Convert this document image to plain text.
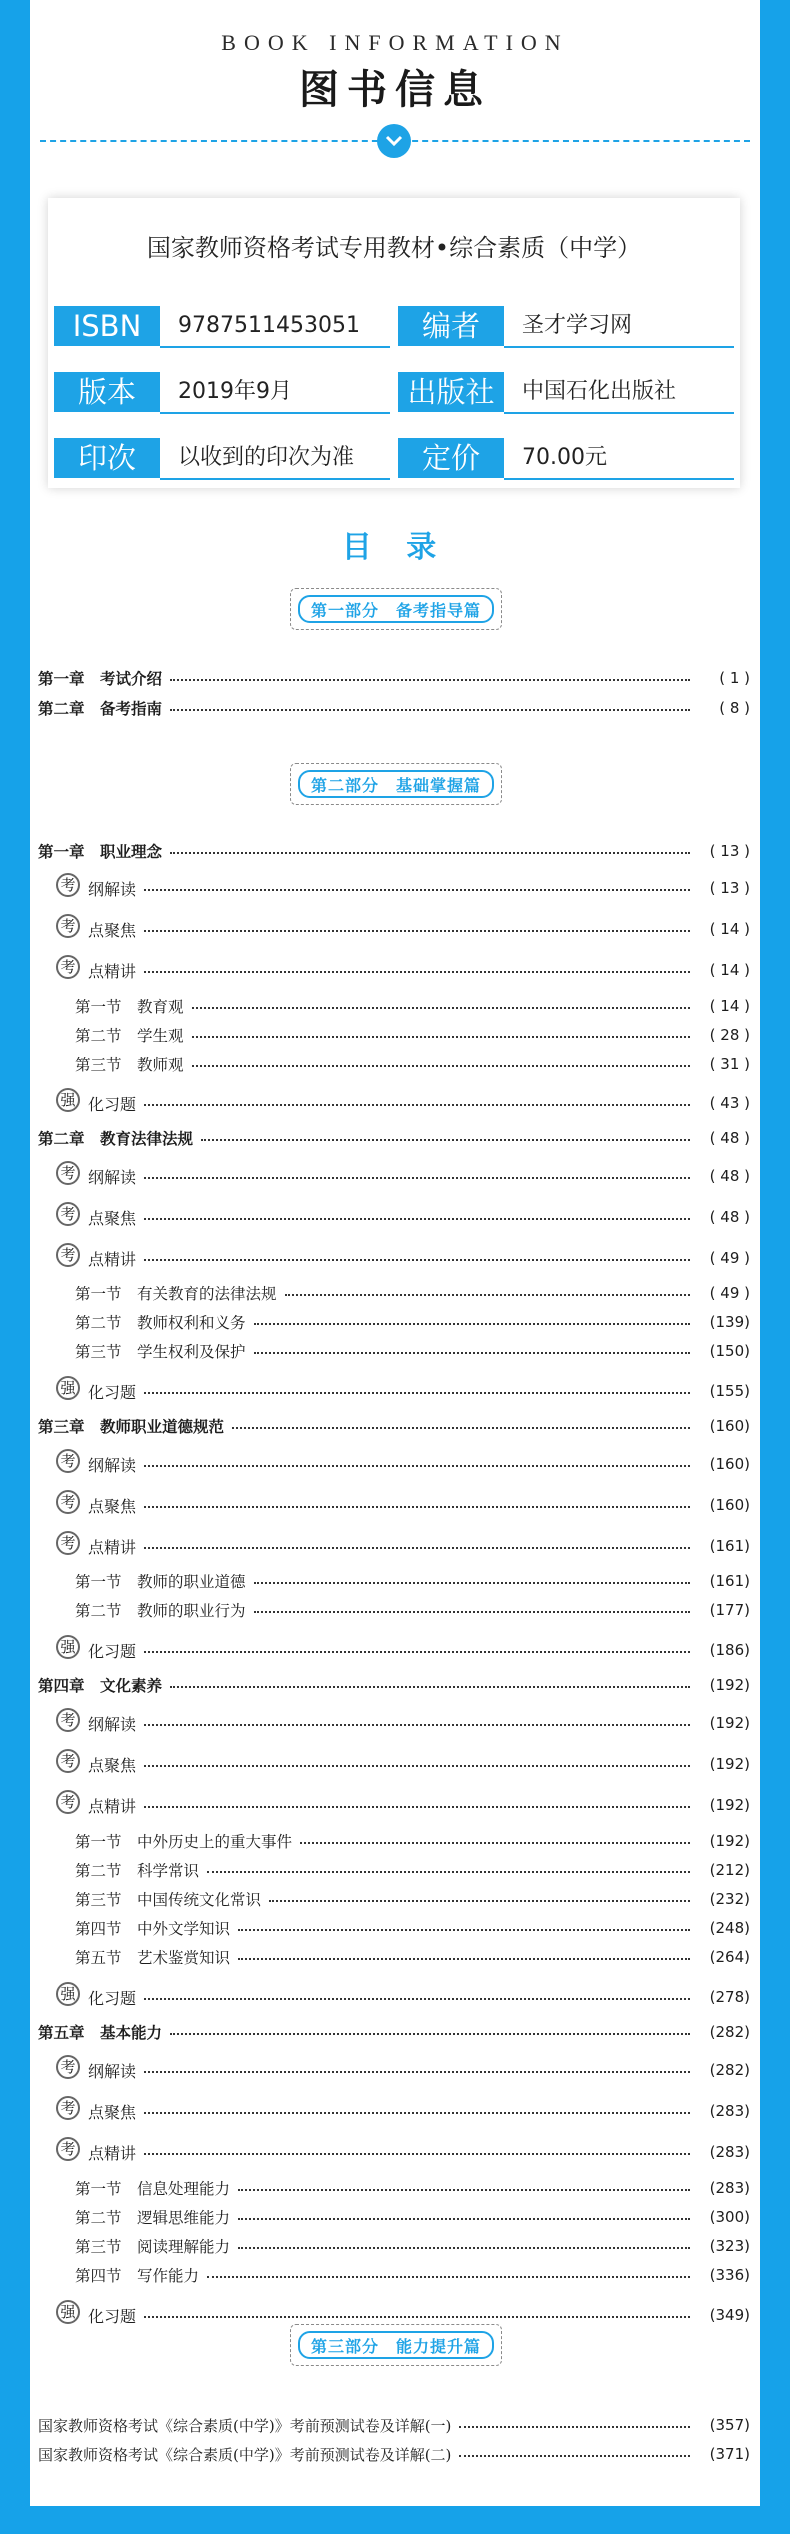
BOOK INFORMATION
图书信息
国家教师资格考试专用教材•综合素质（中学）
ISBN	9787511453051	编者	圣才学习网
版本	2019年9月	出版社	中国石化出版社
印次	以收到的印次为准	定价	70.00元
目 录
第一部分　备考指导篇
第二部分　基础掌握篇
第三部分　能力提升篇
第一章　考试介绍	( 1 )
第二章　备考指南	( 8 )
第一章　职业理念	( 13 )
考 纲解读	( 13 )
考 点聚焦	( 14 )
考 点精讲	( 14 )
第一节　教育观	( 14 )
第二节　学生观	( 28 )
第三节　教师观	( 31 )
强 化习题	( 43 )
第二章　教育法律法规	( 48 )
考 纲解读	( 48 )
考 点聚焦	( 48 )
考 点精讲	( 49 )
第一节　有关教育的法律法规	( 49 )
第二节　教师权利和义务	(139)
第三节　学生权利及保护	(150)
强 化习题	(155)
第三章　教师职业道德规范	(160)
考 纲解读	(160)
考 点聚焦	(160)
考 点精讲	(161)
第一节　教师的职业道德	(161)
第二节　教师的职业行为	(177)
强 化习题	(186)
第四章　文化素养	(192)
考 纲解读	(192)
考 点聚焦	(192)
考 点精讲	(192)
第一节　中外历史上的重大事件	(192)
第二节　科学常识	(212)
第三节　中国传统文化常识	(232)
第四节　中外文学知识	(248)
第五节　艺术鉴赏知识	(264)
强 化习题	(278)
第五章　基本能力	(282)
考 纲解读	(282)
考 点聚焦	(283)
考 点精讲	(283)
第一节　信息处理能力	(283)
第二节　逻辑思维能力	(300)
第三节　阅读理解能力	(323)
第四节　写作能力	(336)
强 化习题	(349)
国家教师资格考试《综合素质(中学)》考前预测试卷及详解(一)	(357)
国家教师资格考试《综合素质(中学)》考前预测试卷及详解(二)	(371)
